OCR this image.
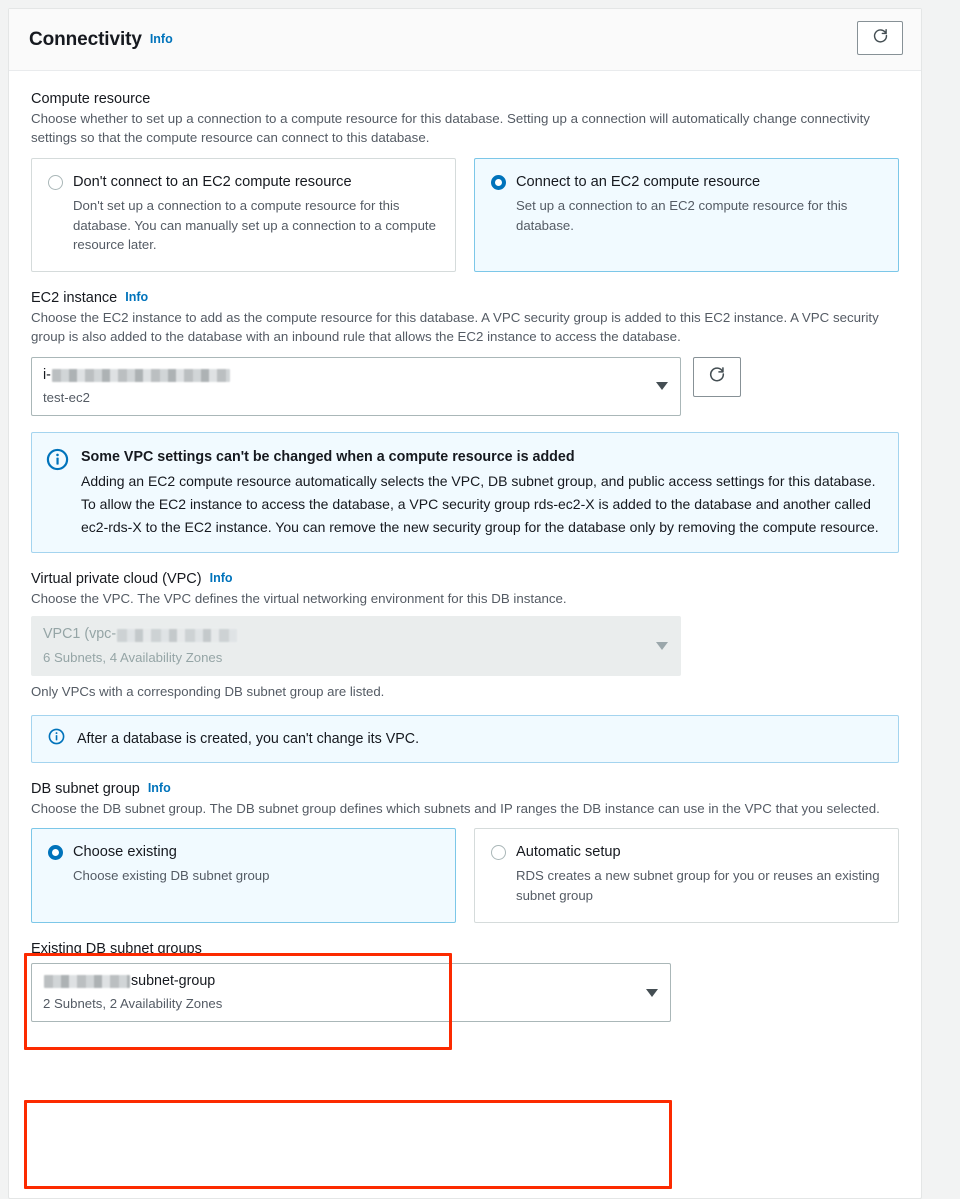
Connectivity Info
Compute resource
Choose whether to set up a connection to a compute resource for this database. Setting up a connection will automatically change connectivity settings so that the compute resource can connect to this database.
Don't connect to an EC2 compute resource
Don't set up a connection to a compute resource for this database. You can manually set up a connection to a compute resource later.
Connect to an EC2 compute resource
Set up a connection to an EC2 compute resource for this database.
EC2 instance Info
Choose the EC2 instance to add as the compute resource for this database. A VPC security group is added to this EC2 instance. A VPC security group is also added to the database with an inbound rule that allows the EC2 instance to access the database.
i-
test-ec2
Some VPC settings can't be changed when a compute resource is added
Adding an EC2 compute resource automatically selects the VPC, DB subnet group, and public access settings for this database. To allow the EC2 instance to access the database, a VPC security group rds-ec2-X is added to the database and another called ec2-rds-X to the EC2 instance. You can remove the new security group for the database only by removing the compute resource.
Virtual private cloud (VPC) Info
Choose the VPC. The VPC defines the virtual networking environment for this DB instance.
VPC1 (vpc-
6 Subnets, 4 Availability Zones
Only VPCs with a corresponding DB subnet group are listed.
After a database is created, you can't change its VPC.
DB subnet group Info
Choose the DB subnet group. The DB subnet group defines which subnets and IP ranges the DB instance can use in the VPC that you selected.
Choose existing
Choose existing DB subnet group
Automatic setup
RDS creates a new subnet group for you or reuses an existing subnet group
Existing DB subnet groups
subnet-group
2 Subnets, 2 Availability Zones
